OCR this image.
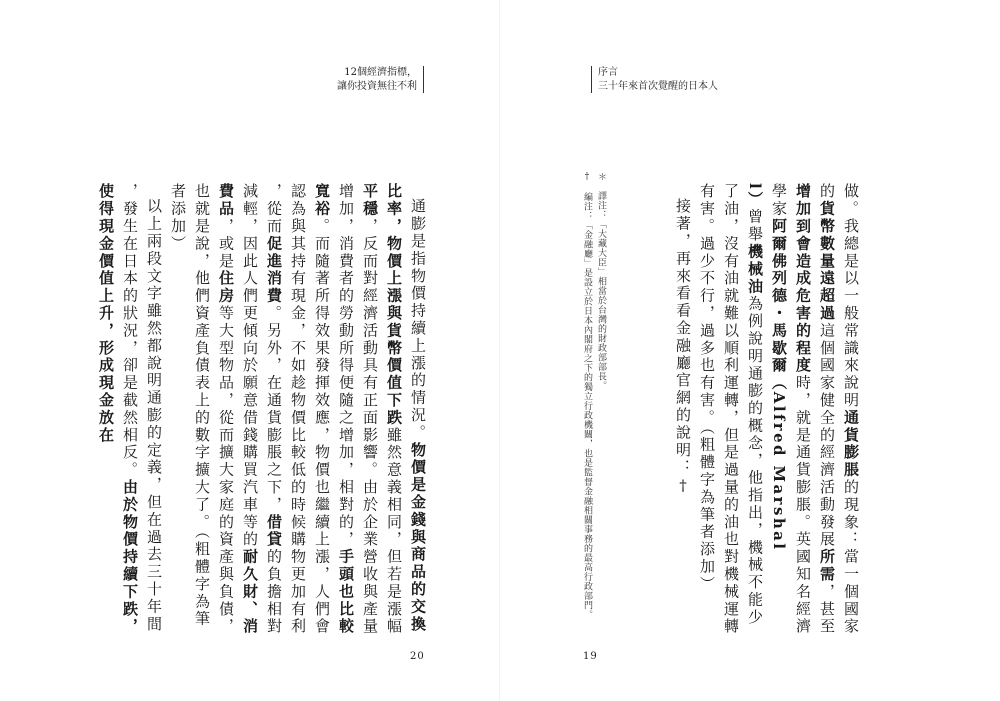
12個經濟指標，
讓你投資無往不利
序言
三十年來首次覺醒的日本人

通膨是指物價持續上漲的情況。物價是金錢與商品的交換

比率，物價上漲與貨幣價值下跌雖然意義相同，但若是漲幅

平穩，反而對經濟活動具有正面影響。由於企業營收與產量

增加，消費者的勞動所得便隨之增加，相對的，手頭也比較

寬裕。而隨著所得效果發揮效應，物價也繼續上漲，人們會

認為與其持有現金，不如趁物價比較低的時候購物更加有利

，從而促進消費。另外，在通貨膨脹之下，借貸的負擔相對

減輕，因此人們更傾向於願意借錢購買汽車等的耐久財、消

費品，或是住房等大型物品，從而擴大家庭的資產與負債，

也就是說，他們資產負債表上的數字擴大了。（粗體字為筆

者添加）

以上兩段文字雖然都說明通膨的定義，但在過去三十年間

，發生在日本的狀況，卻是截然相反。由於物價持續下跌，

使得現金價值上升，形成現金放在	做。我總是以一般常識來說明通貨膨脹的現象：當一個國家

的貨幣數量遠超過這個國家健全的經濟活動發展所需，甚至

增加到會造成危害的程度時，就是通貨膨脹。英國知名經濟

學家阿爾佛列德・馬歇爾（Alfred Marshal

l）曾舉機械油為例說明通膨的概念，他指出，機械不能少

了油，沒有油就難以順利運轉，但是過量的油也對機械運轉

有害。過少不行，過多也有害。（粗體字為筆者添加）

接著，再來看看金融廳官網的說明：†

＊　譯注：「大藏大臣」相當於台灣的財政部部長。

†　編注：「金融廳」是設立於日本內閣府之下的獨立行政機關，也是監督金融相關事務的最高行政部門。

20	19
